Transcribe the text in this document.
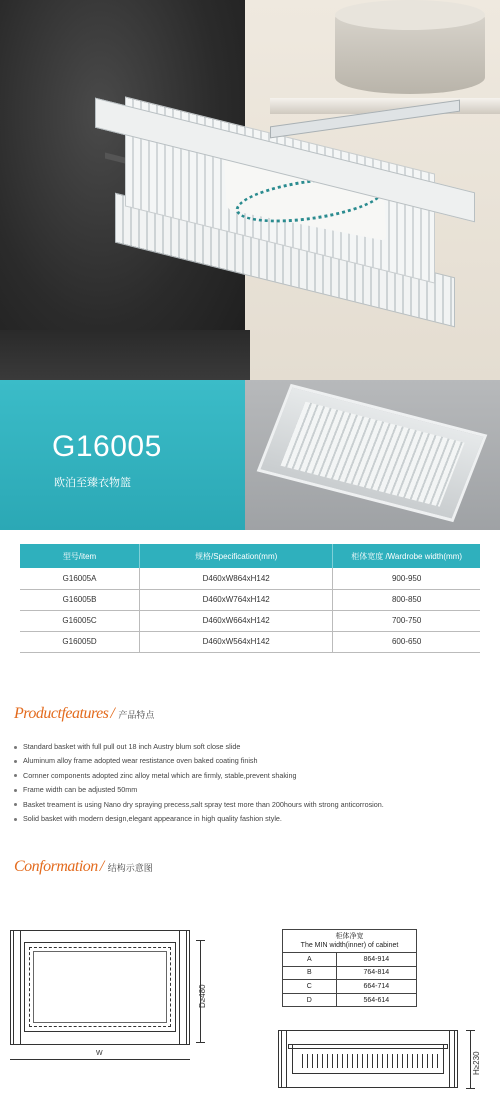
G16005
欧泊至臻衣物篮
型号/item	规格/Specification(mm)	柜体宽度 /Wardrobe width(mm)
G16005A	D460xW864xH142	900-950
G16005B	D460xW764xH142	800-850
G16005C	D460xW664xH142	700-750
G16005D	D460xW564xH142	600-650
Productfeatures / 产品特点
Standard basket with full pull out 18 inch Austry blum soft close slide
Aluminum alloy frame adopted wear restistance oven baked coating finish
Cornner components adopted zinc alloy metal which are firmly, stable,prevent shaking
Frame width can be adjusted 50mm
Basket treament is using Nano dry spraying precess,salt spray test more than 200hours with strong anticorrosion.
Solid basket with modern design,elegant appearance in high quality fashion style.
Conformation / 结构示意图
W
D≥480
柜体净宽
The MIN width(inner) of cabinet	

A	864-914
B	764-814
C	664-714
D	564-614
H≥230
